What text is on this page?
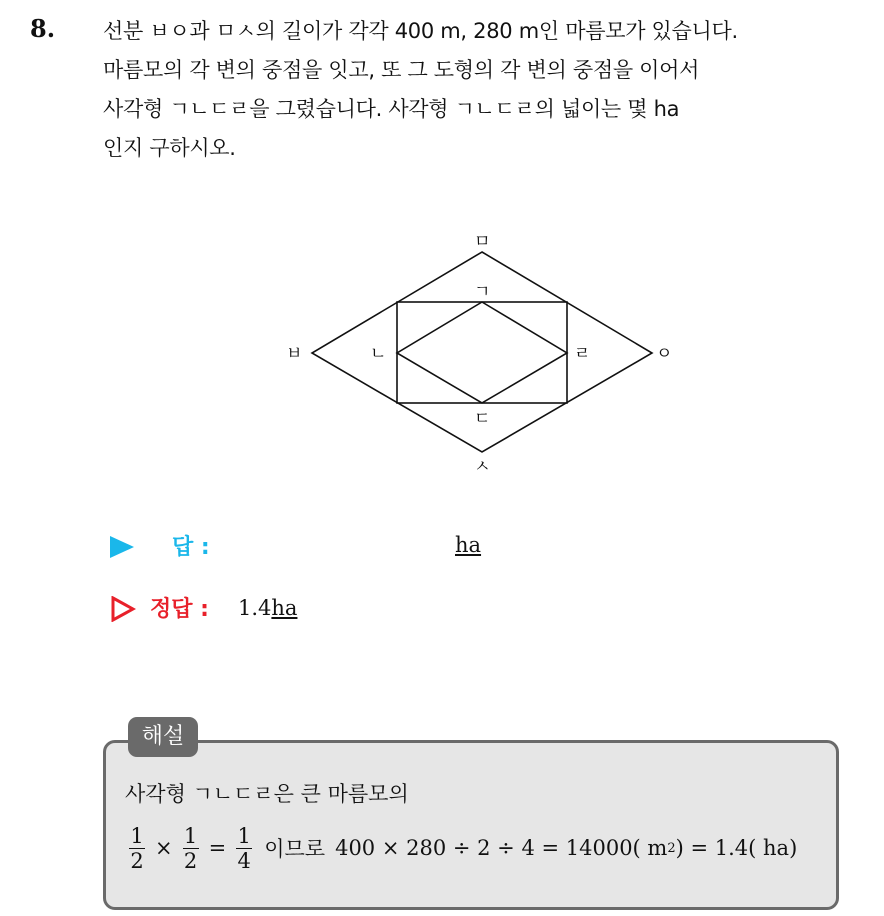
8. 선분 ㅂㅇ과 ㅁㅅ의 길이가 각각 400 m, 280 m인 마름모가 있습니다.
마름모의 각 변의 중점을 잇고, 또 그 도형의 각 변의 중점을 이어서
사각형 ㄱㄴㄷㄹ을 그렸습니다. 사각형 ㄱㄴㄷㄹ의 넓이는 몇 ha
인지 구하시오.
ㅁ
ㅂ	ㅇ
ㅅ
ㄱ
ㄴ	ㄹ
ㄷ
답 :	ha
정답 : 1.4ha
해설
사각형 ㄱㄴㄷㄹ은 큰 마름모의
$\frac{1}{2} \times \frac{1}{2} = \frac{1}{4}$ 이므로 400 × 280 ÷ 2 ÷ 4 = 14000( m 2 ) = 1.4( ha)
